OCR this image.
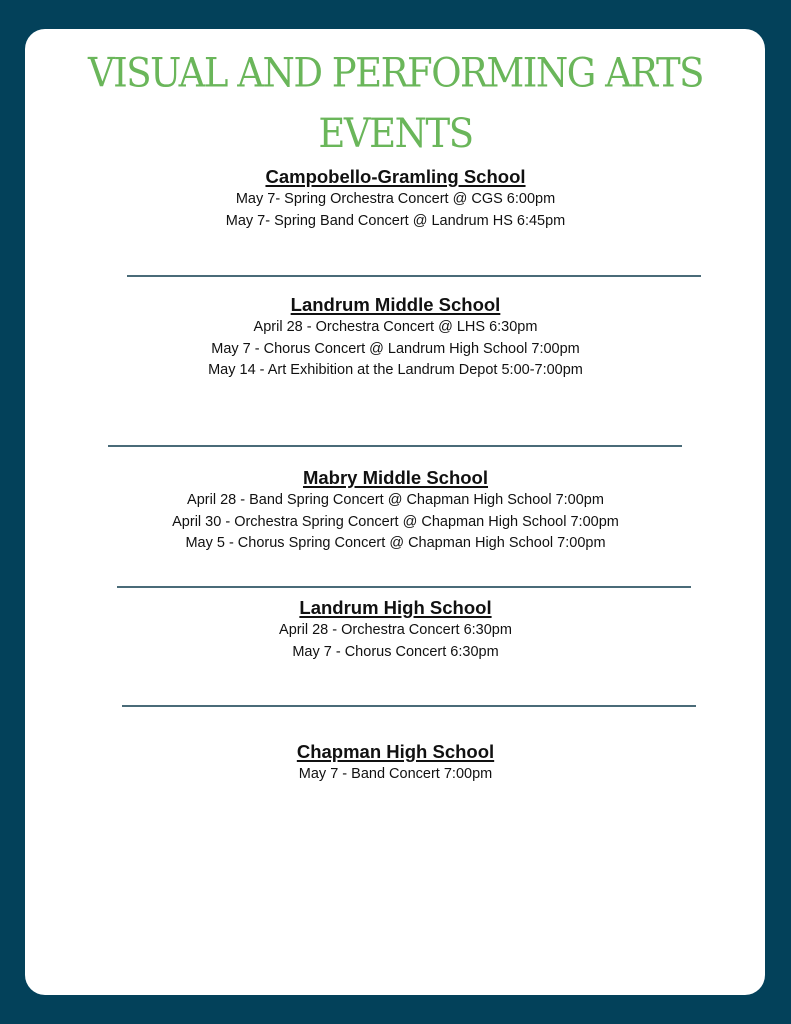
VISUAL AND PERFORMING ARTS
EVENTS

Campobello-Gramling School

May 7- Spring Orchestra Concert @ CGS 6:00pm

May 7- Spring Band Concert @ Landrum HS 6:45pm

Landrum Middle School

April 28 - Orchestra Concert @ LHS 6:30pm

May 7 - Chorus Concert @ Landrum High School 7:00pm

May 14 - Art Exhibition at the Landrum Depot 5:00-7:00pm

Mabry Middle School

April 28 - Band Spring Concert @ Chapman High School 7:00pm

April 30 - Orchestra Spring Concert @ Chapman High School 7:00pm

May 5 - Chorus Spring Concert @ Chapman High School 7:00pm

Landrum High School

April 28 - Orchestra Concert 6:30pm

May 7 - Chorus Concert 6:30pm

Chapman High School

May 7 - Band Concert 7:00pm
